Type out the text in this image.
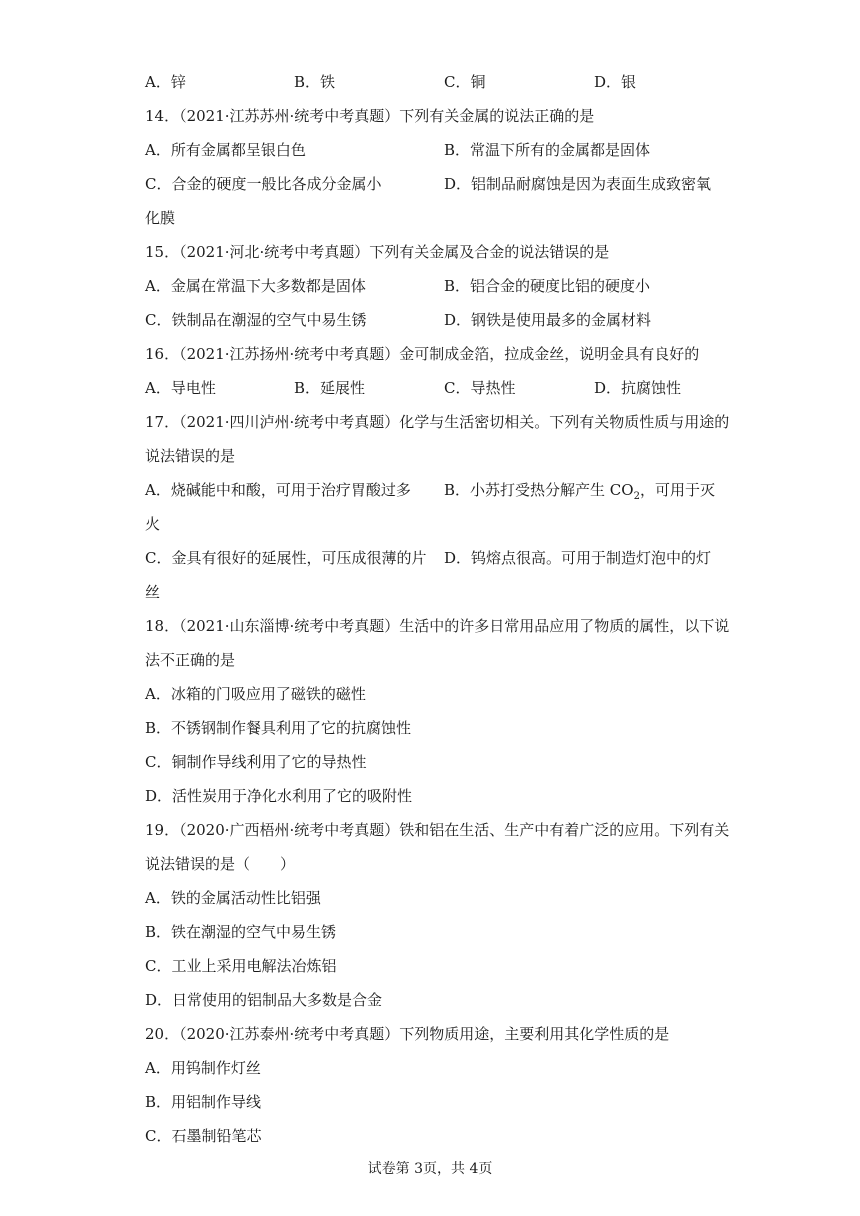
A．锌	B．铁	C．铜	D．银
14．（2021·江苏苏州·统考中考真题）下列有关金属的说法正确的是
A．所有金属都呈银白色	B．常温下所有的金属都是固体
C．合金的硬度一般比各成分金属小	D．铝制品耐腐蚀是因为表面生成致密氧
化膜
15．（2021·河北·统考中考真题）下列有关金属及合金的说法错误的是
A．金属在常温下大多数都是固体	B．铝合金的硬度比铝的硬度小
C．铁制品在潮湿的空气中易生锈	D．钢铁是使用最多的金属材料
16．（2021·江苏扬州·统考中考真题）金可制成金箔，拉成金丝，说明金具有良好的
A．导电性	B．延展性	C．导热性	D．抗腐蚀性
17．（2021·四川泸州·统考中考真题）化学与生活密切相关。下列有关物质性质与用途的
说法错误的是
A．烧碱能中和酸，可用于治疗胃酸过多 B．小苏打受热分解产生 $CO_2$，可用于灭
火
C．金具有很好的延展性，可压成很薄的片 D．钨熔点很高。可用于制造灯泡中的灯
丝
18．（2021·山东淄博·统考中考真题）生活中的许多日常用品应用了物质的属性，以下说
法不正确的是
A．冰箱的门吸应用了磁铁的磁性
B．不锈钢制作餐具利用了它的抗腐蚀性
C．铜制作导线利用了它的导热性
D．活性炭用于净化水利用了它的吸附性
19．（2020·广西梧州·统考中考真题）铁和铝在生活、生产中有着广泛的应用。下列有关
说法错误的是（　　）
A．铁的金属活动性比铝强
B．铁在潮湿的空气中易生锈
C．工业上采用电解法冶炼铝
D．日常使用的铝制品大多数是合金
20．（2020·江苏泰州·统考中考真题）下列物质用途，主要利用其化学性质的是
A．用钨制作灯丝
B．用铝制作导线
C．石墨制铅笔芯
试卷第 3页，共 4页
